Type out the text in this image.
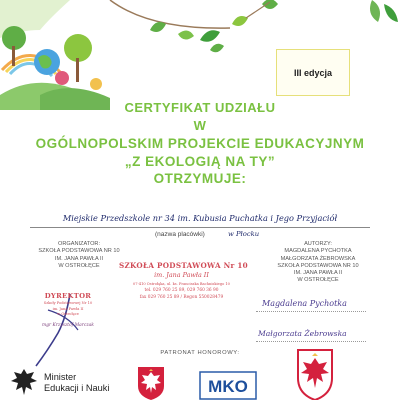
III edycja
CERTYFIKAT UDZIAŁU
W
OGÓLNOPOLSKIM PROJEKCIE EDUKACYJNYM
„Z EKOLOGIĄ NA TY”
OTRZYMUJE:
Miejskie Przedszkole nr 34 im. Kubusia Puchatka i Jego Przyjaciół
(nazwa placówki)	w Płocku
ORGANIZATOR:
SZKOŁA PODSTAWOWA NR 10
IM. JANA PAWŁA II
W OSTROŁĘCE
AUTORZY:
MAGDALENA PYCHOTKA
MAŁGORZATA ŻEBROWSKA
SZKOŁA PODSTAWOWA NR 10
IM. JANA PAWŁA II
W OSTROŁĘCE
SZKOŁA PODSTAWOWA Nr 10
im. Jana Pawła II
07-410 Ostrołęka, ul. ks. Franciszka Bachniskiego 10
tel. 029 760 25 89, 029 760 36 90
fax 029 760 25 89 / Regon 550028479
DYREKTOR
Szkoły Podstawowej Nr 10
im. Jana Pawła II
w Ostrołęce
mgr Krzysztof Marczak
Magdalena Pychotka
Małgorzata Żebrowska
PATRONAT HONOROWY:
Minister
Edukacji i Nauki	MKO
